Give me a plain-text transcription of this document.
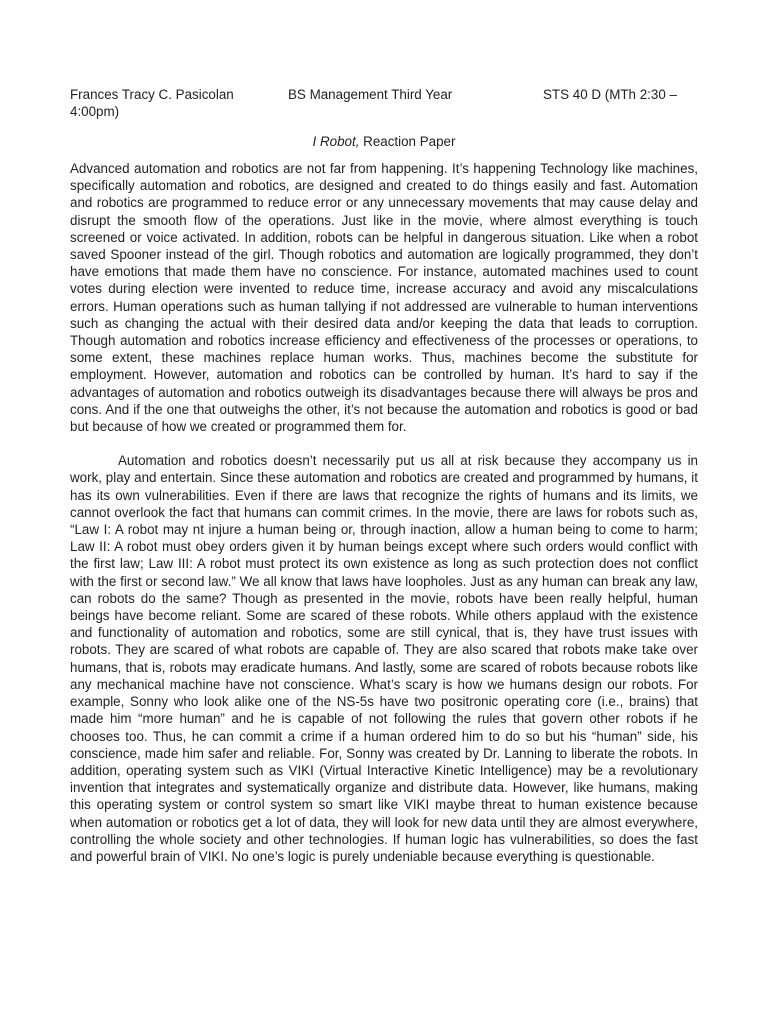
Frances Tracy C. Pasicolan	BS Management Third Year	STS 40 D (MTh 2:30 –
4:00pm)
I Robot, Reaction Paper

Advanced automation and robotics are not far from happening. It’s happening Technology like machines, specifically automation and robotics, are designed and created to do things easily and fast. Automation and robotics are programmed to reduce error or any unnecessary movements that may cause delay and disrupt the smooth flow of the operations. Just like in the movie, where almost everything is touch screened or voice activated. In addition, robots can be helpful in dangerous situation. Like when a robot saved Spooner instead of the girl. Though robotics and automation are logically programmed, they don’t have emotions that made them have no conscience. For instance, automated machines used to count votes during election were invented to reduce time, increase accuracy and avoid any miscalculations errors. Human operations such as human tallying if not addressed are vulnerable to human interventions such as changing the actual with their desired data and/or keeping the data that leads to corruption. Though automation and robotics increase efficiency and effectiveness of the processes or operations, to some extent, these machines replace human works. Thus, machines become the substitute for employment. However, automation and robotics can be controlled by human. It’s hard to say if the advantages of automation and robotics outweigh its disadvantages because there will always be pros and cons. And if the one that outweighs the other, it’s not because the automation and robotics is good or bad but because of how we created or programmed them for.

Automation and robotics doesn’t necessarily put us all at risk because they accompany us in work, play and entertain. Since these automation and robotics are created and programmed by humans, it has its own vulnerabilities. Even if there are laws that recognize the rights of humans and its limits, we cannot overlook the fact that humans can commit crimes. In the movie, there are laws for robots such as, “Law I: A robot may nt injure a human being or, through inaction, allow a human being to come to harm; Law II: A robot must obey orders given it by human beings except where such orders would conflict with the first law; Law III: A robot must protect its own existence as long as such protection does not conflict with the first or second law.” We all know that laws have loopholes. Just as any human can break any law, can robots do the same? Though as presented in the movie, robots have been really helpful, human beings have become reliant. Some are scared of these robots. While others applaud with the existence and functionality of automation and robotics, some are still cynical, that is, they have trust issues with robots. They are scared of what robots are capable of. They are also scared that robots make take over humans, that is, robots may eradicate humans. And lastly, some are scared of robots because robots like any mechanical machine have not conscience. What’s scary is how we humans design our robots. For example, Sonny who look alike one of the NS-5s have two positronic operating core (i.e., brains) that made him “more human” and he is capable of not following the rules that govern other robots if he chooses too. Thus, he can commit a crime if a human ordered him to do so but his “human” side, his conscience, made him safer and reliable. For, Sonny was created by Dr. Lanning to liberate the robots. In addition, operating system such as VIKI (Virtual Interactive Kinetic Intelligence) may be a revolutionary invention that integrates and systematically organize and distribute data. However, like humans, making this operating system or control system so smart like VIKI maybe threat to human existence because when automation or robotics get a lot of data, they will look for new data until they are almost everywhere, controlling the whole society and other technologies. If human logic has vulnerabilities, so does the fast and powerful brain of VIKI. No one’s logic is purely undeniable because everything is questionable.
